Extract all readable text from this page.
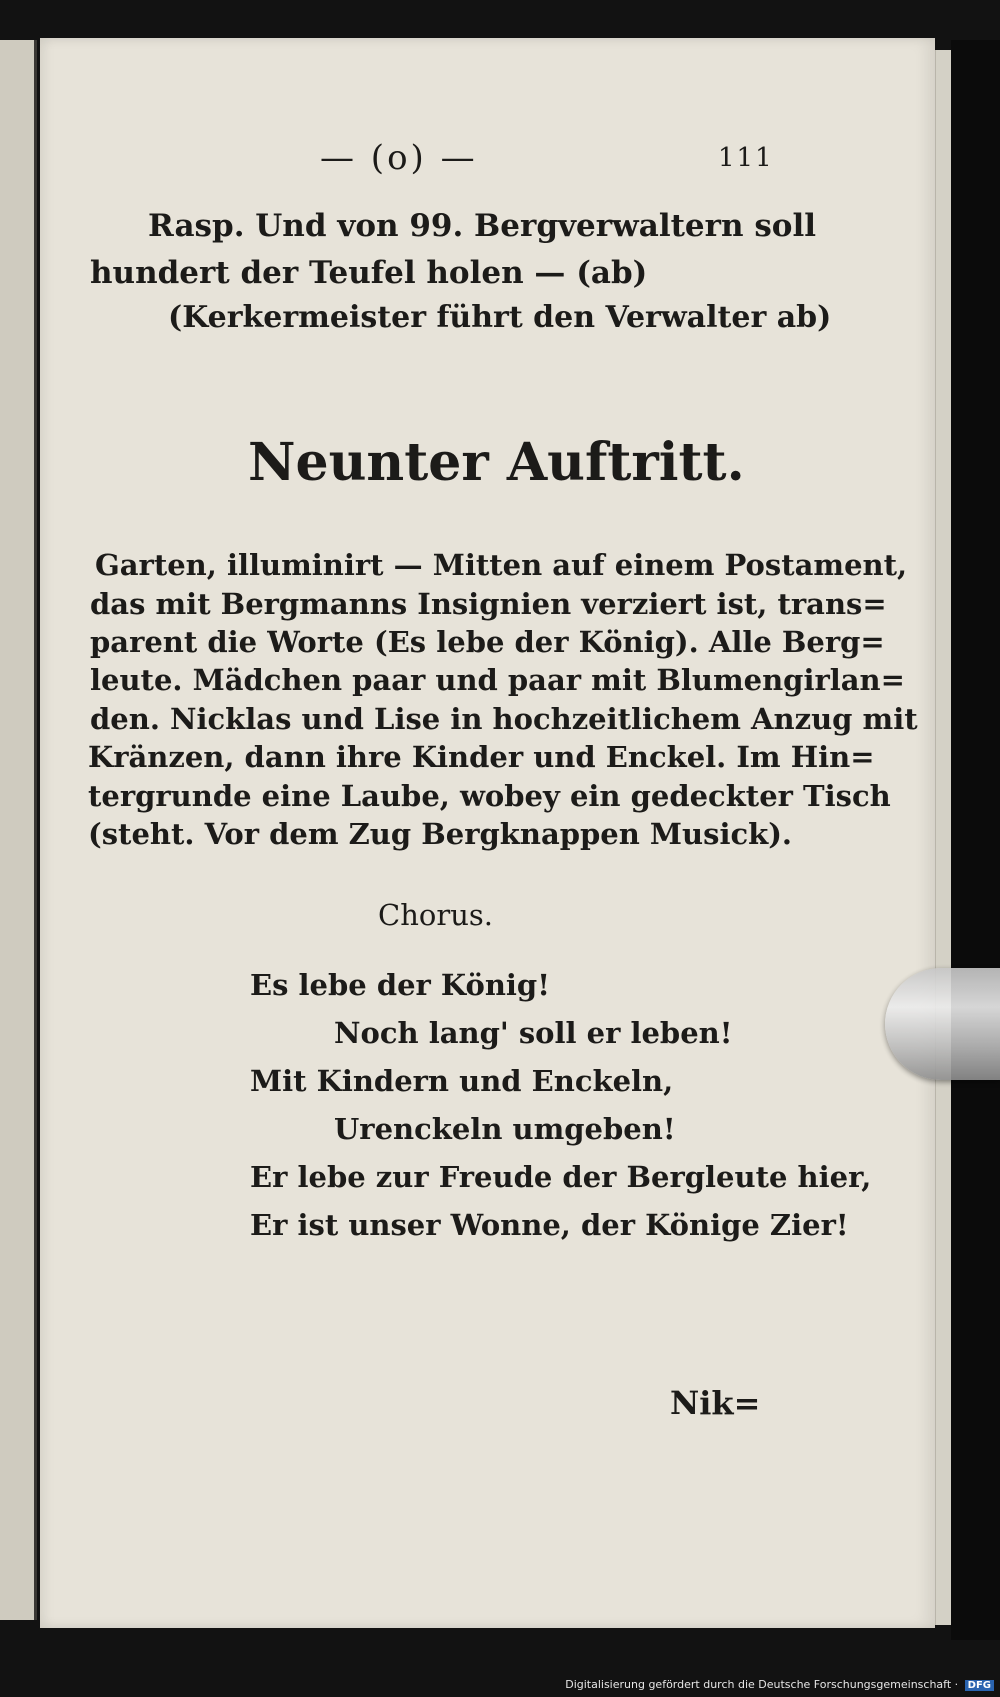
— (o) —	111
Rasp. Und von 99. Bergverwaltern soll
hundert der Teufel holen — (ab)
(Kerkermeister führt den Verwalter ab)
Neunter Auftritt.
Garten, illuminirt — Mitten auf einem Postament,
das mit Bergmanns Insignien verziert ist, trans=
parent die Worte (Es lebe der König). Alle Berg=
leute. Mädchen paar und paar mit Blumengirlan=
den. Nicklas und Lise in hochzeitlichem Anzug mit
Kränzen, dann ihre Kinder und Enckel. Im Hin=
tergrunde eine Laube, wobey ein gedeckter Tisch
(steht. Vor dem Zug Bergknappen Musick).
Chorus.
Es lebe der König!
Noch lang' soll er leben!
Mit Kindern und Enckeln,
Urenckeln umgeben!
Er lebe zur Freude der Bergleute hier,
Er ist unser Wonne, der Könige Zier!
Nik=
Digitalisierung gefördert durch die Deutsche Forschungsgemeinschaft · DFG
